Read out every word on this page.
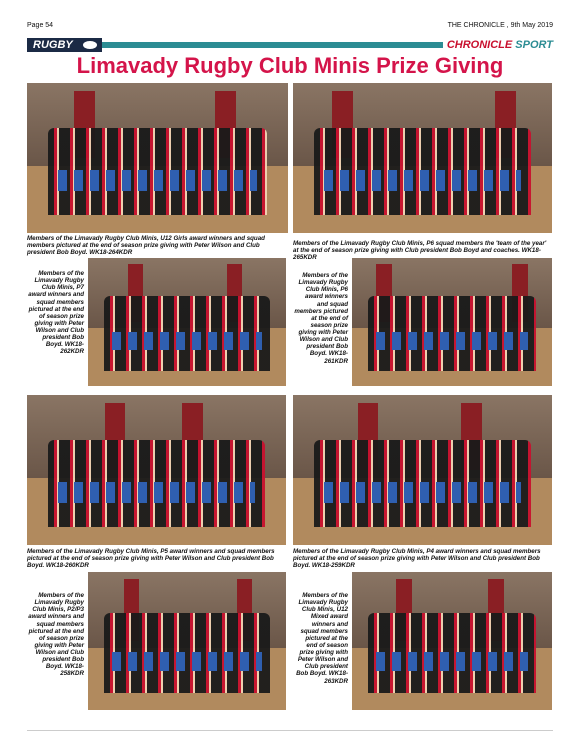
Page 54	THE CHRONICLE , 9th May 2019
RUGBY	CHRONICLE SPORT
Limavady Rugby Club Minis Prize Giving
Members of the Limavady Rugby Club Minis, U12 Girls award winners and squad members pictured at the end of season prize giving with Peter Wilson and Club president Bob Boyd. WK18-264KDR
Members of the Limavady Rugby Club Minis, P6 squad members the 'team of the year' at the end of season prize giving with Club president Bob Boyd and coaches. WK18-265KDR
Members of the Limavady Rugby Club Minis, P7 award winners and squad members pictured at the end of season prize giving with Peter Wilson and Club president Bob Boyd. WK18-262KDR
Members of the Limavady Rugby Club Minis, P6 award winners and squad members pictured at the end of season prize giving with Peter Wilson and Club president Bob Boyd. WK18-261KDR
Members of the Limavady Rugby Club Minis, P5 award winners and squad members pictured at the end of season prize giving with Peter Wilson and Club president Bob Boyd. WK18-260KDR
Members of the Limavady Rugby Club Minis, P4 award winners and squad members pictured at the end of season prize giving with Peter Wilson and Club president Bob Boyd. WK18-259KDR
Members of the Limavady Rugby Club Minis, P2/P3 award winners and squad members pictured at the end of season prize giving with Peter Wilson and Club president Bob Boyd. WK18-258KDR
Members of the Limavady Rugby Club Minis, U12 Mixed award winners and squad members pictured at the end of season prize giving with Peter Wilson and Club president Bob Boyd. WK18-263KDR
